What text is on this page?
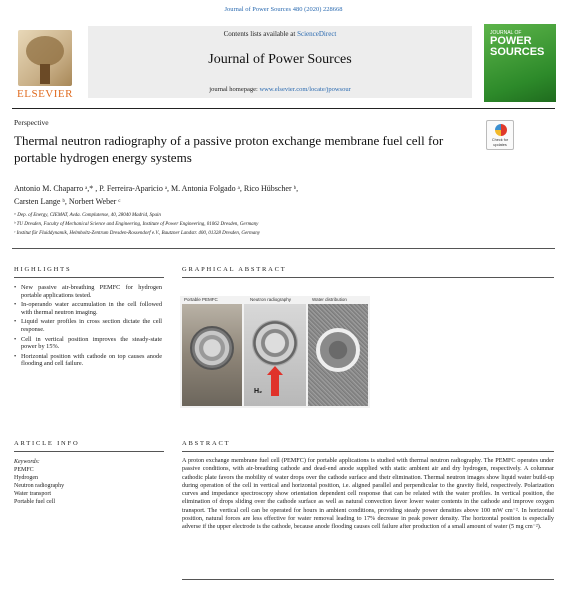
Journal of Power Sources 480 (2020) 228668
ELSEVIER
Contents lists available at ScienceDirect
Journal of Power Sources
journal homepage: www.elsevier.com/locate/jpowsour
JOURNAL OF
POWER SOURCES
Perspective
Thermal neutron radiography of a passive proton exchange membrane fuel cell for portable hydrogen energy systems
Check for updates
Antonio M. Chaparro ᵃ,* , P. Ferreira-Aparicio ᵃ, M. Antonia Folgado ᵃ, Rico Hübscher ᵇ,
Carsten Lange ᵇ, Norbert Weber ᶜ
ᵃ Dep. of Energy, CIEMAT, Avda. Complutense, 40, 28040 Madrid, Spain
ᵇ TU Dresden, Faculty of Mechanical Science and Engineering, Institute of Power Engineering, 01062 Dresden, Germany
ᶜ Institut für Fluiddynamik, Helmholtz-Zentrum Dresden-Rossendorf e.V., Bautzner Landstr. 400, 01328 Dresden, Germany
HIGHLIGHTS	GRAPHICAL ABSTRACT
• New passive air-breathing PEMFC for hydrogen portable applications tested.
• In-operando water accumulation in the cell followed with thermal neutron imaging.
• Liquid water profiles in cross section dictate the cell response.
• Cell in vertical position improves the steady-state power by 15%.
• Horizontal position with cathode on top causes anode flooding and cell failure.
Portable PEMFC	Neutron radiography	Water distribution
H₂
ARTICLE INFO	ABSTRACT
Keywords:
PEMFC
Hydrogen
Neutron radiography
Water transport
Portable fuel cell
A proton exchange membrane fuel cell (PEMFC) for portable applications is studied with thermal neutron radiography. The PEMFC operates under passive conditions, with air-breathing cathode and dead-end anode supplied with static ambient air and dry hydrogen, respectively. A columnar cathodic plate favors the mobility of water drops over the cathode surface and their elimination. Thermal neutron images show liquid water build-up during operation of the cell in vertical and horizontal position, i.e. aligned parallel and perpendicular to the gravity field, respectively. Polarization curves and impedance spectroscopy show orientation dependent cell response that can be related with the water profiles. In vertical position, the elimination of drops sliding over the cathode surface as well as natural convection favor lower water contents in the cathode and improve oxygen transport. The vertical cell can be operated for hours in ambient conditions, providing steady power densities above 100 mW cm⁻². In horizontal position, natural forces are less effective for water removal leading to 17% decrease in peak power density. The horizontal position is especially adverse if the upper electrode is the cathode, because anode flooding causes cell failure after production of a small amount of water (5 mg cm⁻²).
